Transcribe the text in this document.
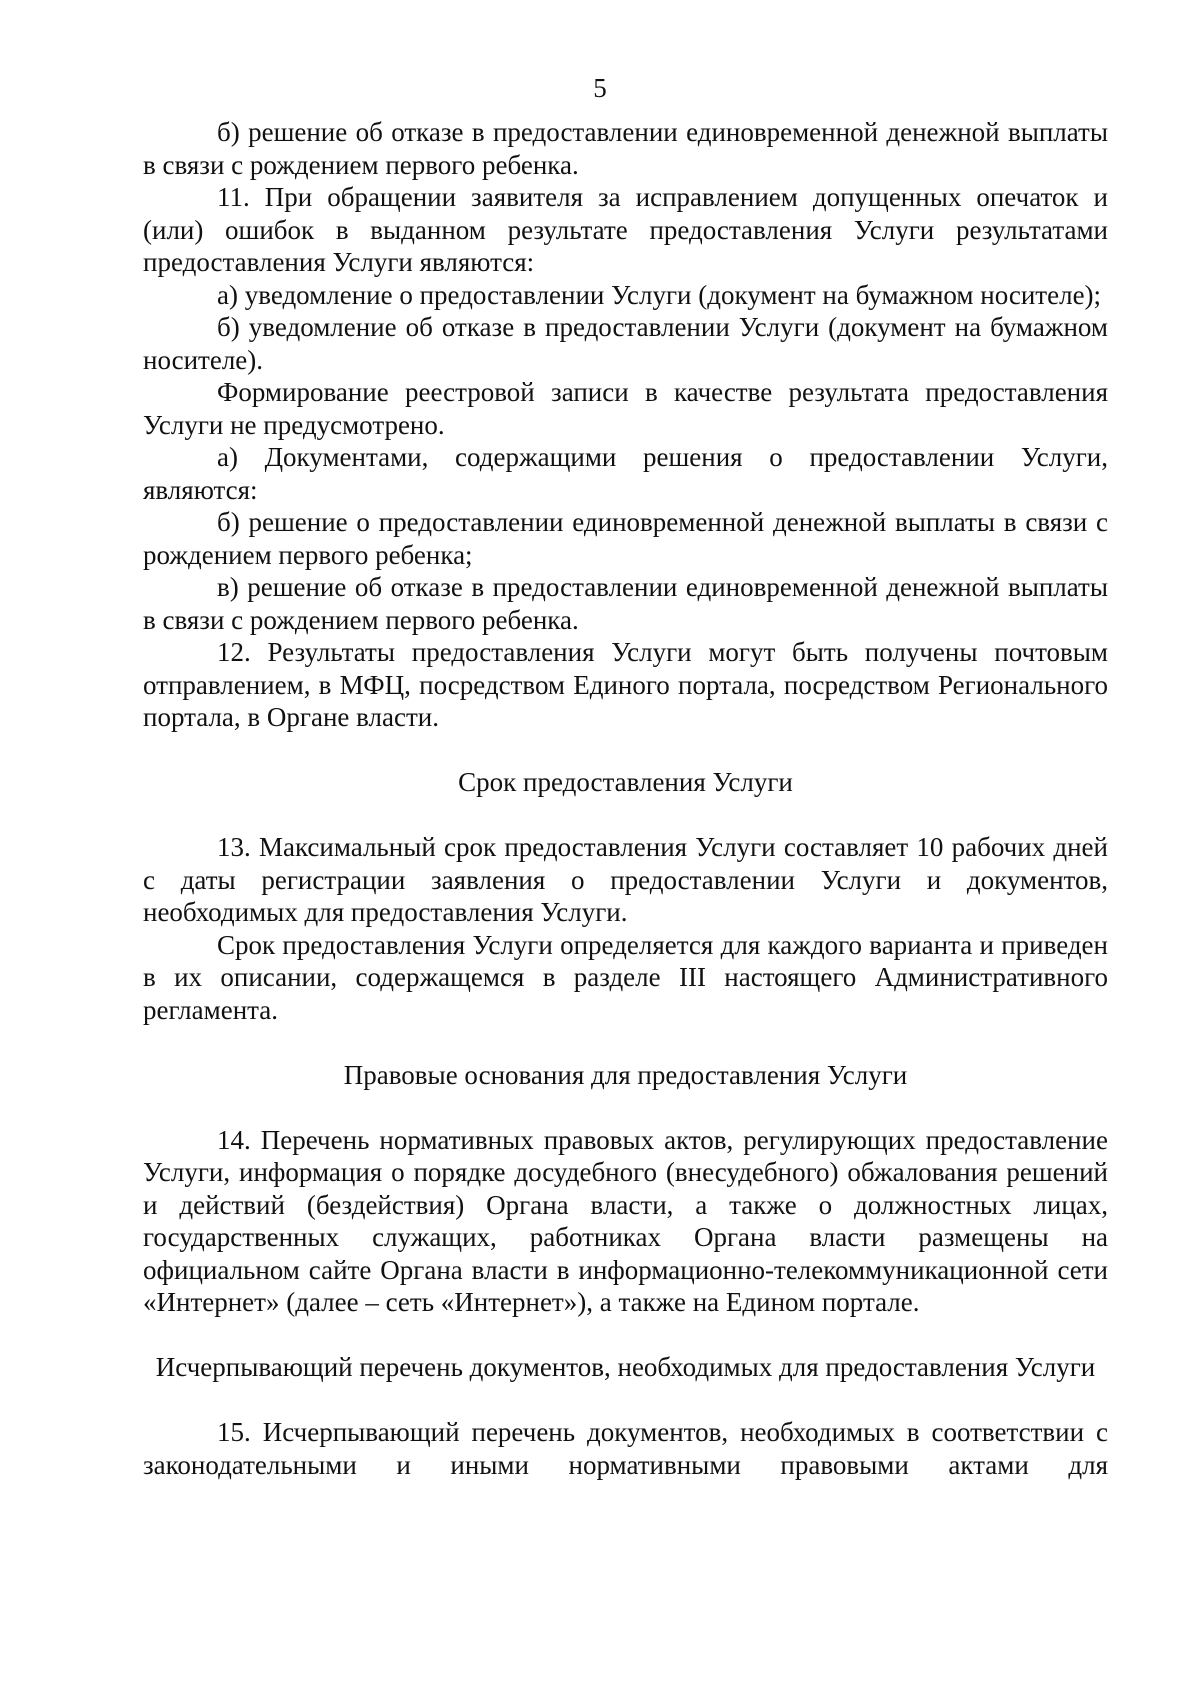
5

б) решение об отказе в предоставлении единовременной денежной выплаты в связи с рождением первого ребенка.

11. При обращении заявителя за исправлением допущенных опечаток и (или) ошибок в выданном результате предоставления Услуги результатами предоставления Услуги являются:

а) уведомление о предоставлении Услуги (документ на бумажном носителе);

б) уведомление об отказе в предоставлении Услуги (документ на бумажном носителе).

Формирование реестровой записи в качестве результата предоставления Услуги не предусмотрено.

а) Документами, содержащими решения о предоставлении Услуги, являются:

б) решение о предоставлении единовременной денежной выплаты в связи с рождением первого ребенка;

в) решение об отказе в предоставлении единовременной денежной выплаты в связи с рождением первого ребенка.

12. Результаты предоставления Услуги могут быть получены почтовым отправлением, в МФЦ, посредством Единого портала, посредством Регионального портала, в Органе власти.

Срок предоставления Услуги

13. Максимальный срок предоставления Услуги составляет 10 рабочих дней с даты регистрации заявления о предоставлении Услуги и документов, необходимых для предоставления Услуги.

Срок предоставления Услуги определяется для каждого варианта и приведен в их описании, содержащемся в разделе III настоящего Административного регламента.

Правовые основания для предоставления Услуги

14. Перечень нормативных правовых актов, регулирующих предоставление Услуги, информация о порядке досудебного (внесудебного) обжалования решений и действий (бездействия) Органа власти, а также о должностных лицах, государственных служащих, работниках Органа власти размещены на официальном сайте Органа власти в информационно-телекоммуникационной сети «Интернет» (далее – сеть «Интернет»), а также на Едином портале.

Исчерпывающий перечень документов, необходимых для предоставления Услуги

15. Исчерпывающий перечень документов, необходимых в соответствии с законодательными и иными нормативными правовыми актами для
